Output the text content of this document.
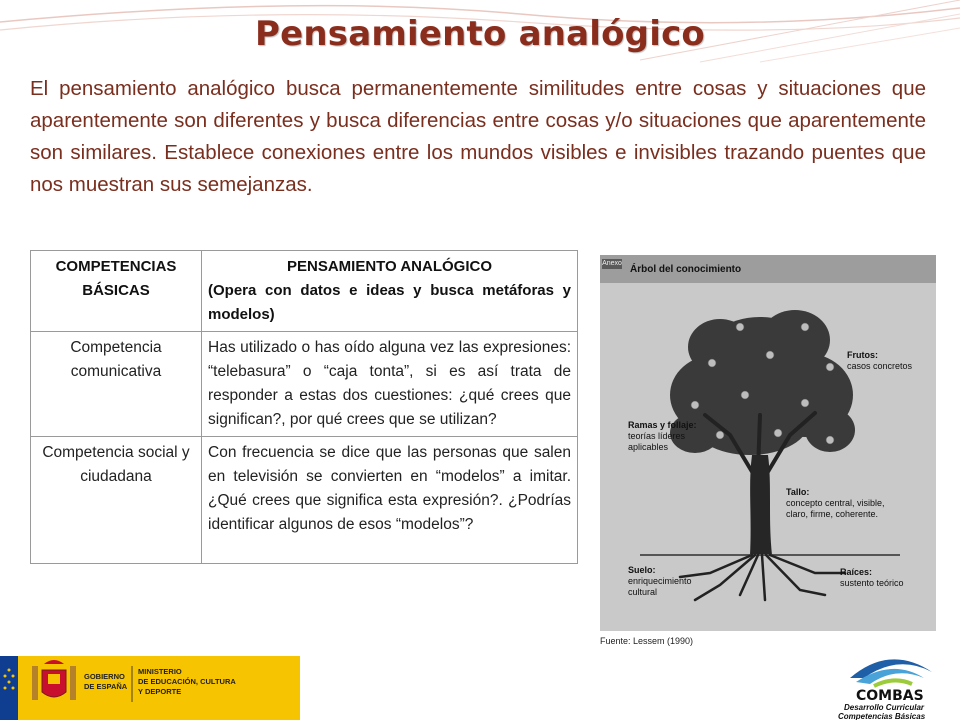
Pensamiento analógico
El pensamiento analógico busca permanentemente similitudes entre cosas y situaciones que aparentemente son diferentes y busca diferencias entre cosas y/o situaciones que aparentemente son similares. Establece conexiones entre los mundos visibles e invisibles trazando puentes que nos muestran sus semejanzas.
COMPETENCIAS BÁSICAS	PENSAMIENTO ANALÓGICO
(Opera con datos e ideas y busca metáforas y modelos)

Competencia comunicativa	Has utilizado o has oído alguna vez las expresiones: “telebasura” o “caja tonta”, si es así trata de responder a estas dos cuestiones: ¿qué crees que significan?, por qué crees que se utilizan?
Competencia social y ciudadana	Con frecuencia se dice que las personas que salen en televisión se convierten en “modelos” a imitar. ¿Qué crees que significa esta expresión?. ¿Podrías identificar algunos de esos “modelos”?
Anexo
Árbol del conocimiento
Frutos:
casos concretos
Ramas y follaje:
teorías líderes
aplicables
Tallo:
concepto central, visible,
claro, firme, coherente.
Suelo:
enriquecimiento
cultural
Raíces:
sustento teórico
Fuente: Lessem (1990)
GOBIERNO
DE ESPAÑA
MINISTERIO
DE EDUCACIÓN, CULTURA
Y DEPORTE	COMBAS
Desarrollo Curricular
Competencias Básicas
